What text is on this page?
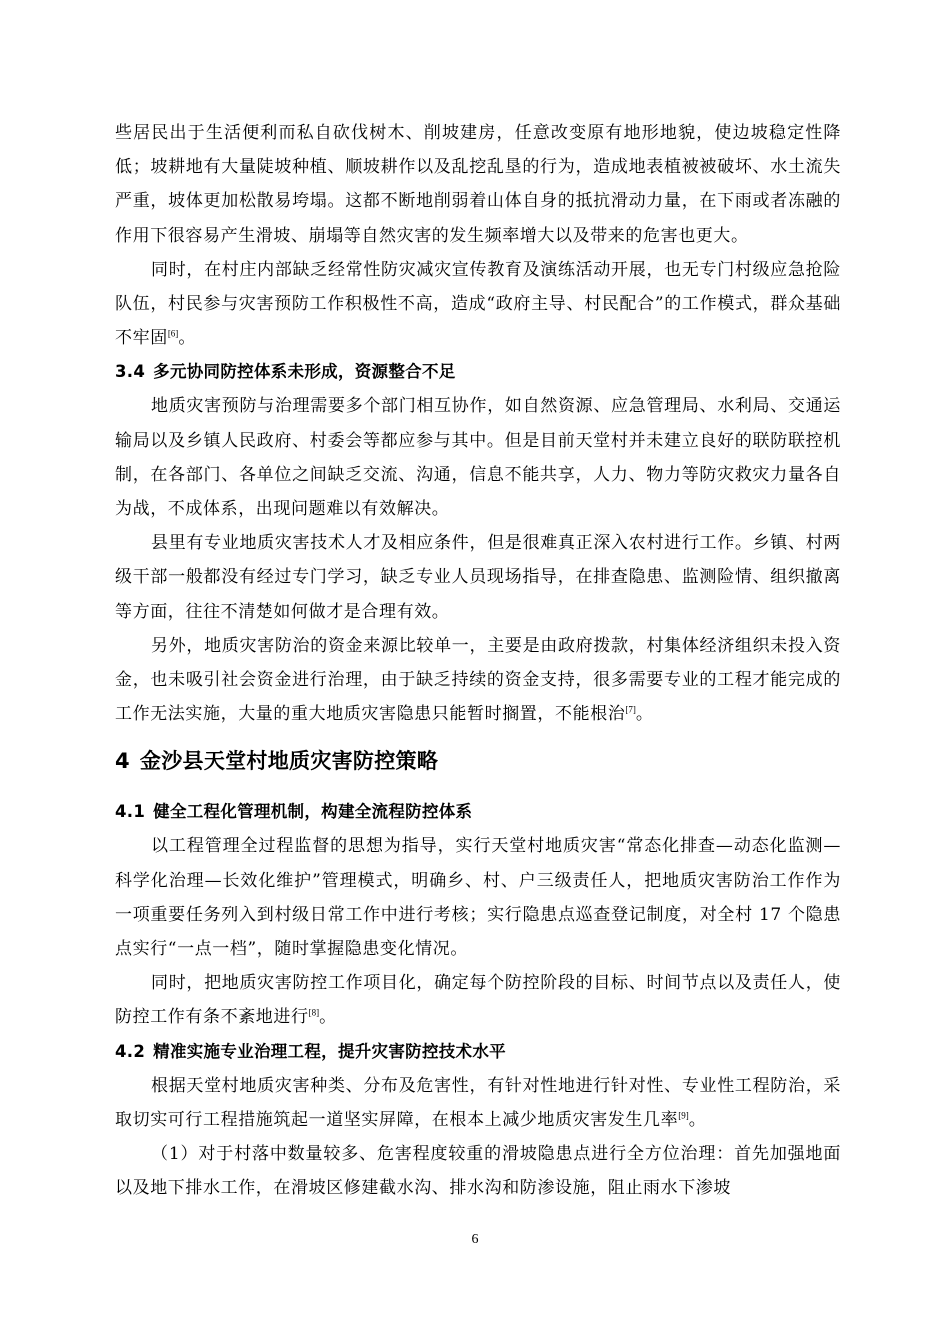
些居民出于生活便利而私自砍伐树木、削坡建房，任意改变原有地形地貌，使边坡稳定性降低；坡耕地有大量陡坡种植、顺坡耕作以及乱挖乱垦的行为，造成地表植被被破坏、水土流失严重，坡体更加松散易垮塌。这都不断地削弱着山体自身的抵抗滑动力量，在下雨或者冻融的作用下很容易产生滑坡、崩塌等自然灾害的发生频率增大以及带来的危害也更大。

同时，在村庄内部缺乏经常性防灾减灾宣传教育及演练活动开展，也无专门村级应急抢险队伍，村民参与灾害预防工作积极性不高，造成“政府主导、村民配合”的工作模式，群众基础不牢固[6]。

3.4 多元协同防控体系未形成，资源整合不足

地质灾害预防与治理需要多个部门相互协作，如自然资源、应急管理局、水利局、交通运输局以及乡镇人民政府、村委会等都应参与其中。但是目前天堂村并未建立良好的联防联控机制，在各部门、各单位之间缺乏交流、沟通，信息不能共享，人力、物力等防灾救灾力量各自为战，不成体系，出现问题难以有效解决。

县里有专业地质灾害技术人才及相应条件，但是很难真正深入农村进行工作。乡镇、村两级干部一般都没有经过专门学习，缺乏专业人员现场指导，在排查隐患、监测险情、组织撤离等方面，往往不清楚如何做才是合理有效。

另外，地质灾害防治的资金来源比较单一，主要是由政府拨款，村集体经济组织未投入资金，也未吸引社会资金进行治理，由于缺乏持续的资金支持，很多需要专业的工程才能完成的工作无法实施，大量的重大地质灾害隐患只能暂时搁置，不能根治[7]。

4 金沙县天堂村地质灾害防控策略
4.1 健全工程化管理机制，构建全流程防控体系

以工程管理全过程监督的思想为指导，实行天堂村地质灾害“常态化排查—动态化监测—科学化治理—长效化维护”管理模式，明确乡、村、户三级责任人，把地质灾害防治工作作为一项重要任务列入到村级日常工作中进行考核；实行隐患点巡查登记制度，对全村 17 个隐患点实行“一点一档”，随时掌握隐患变化情况。

同时，把地质灾害防控工作项目化，确定每个防控阶段的目标、时间节点以及责任人，使防控工作有条不紊地进行[8]。

4.2 精准实施专业治理工程，提升灾害防控技术水平

根据天堂村地质灾害种类、分布及危害性，有针对性地进行针对性、专业性工程防治，采取切实可行工程措施筑起一道坚实屏障，在根本上减少地质灾害发生几率[9]。

（1）对于村落中数量较多、危害程度较重的滑坡隐患点进行全方位治理：首先加强地面以及地下排水工作，在滑坡区修建截水沟、排水沟和防渗设施，阻止雨水下渗坡

6
